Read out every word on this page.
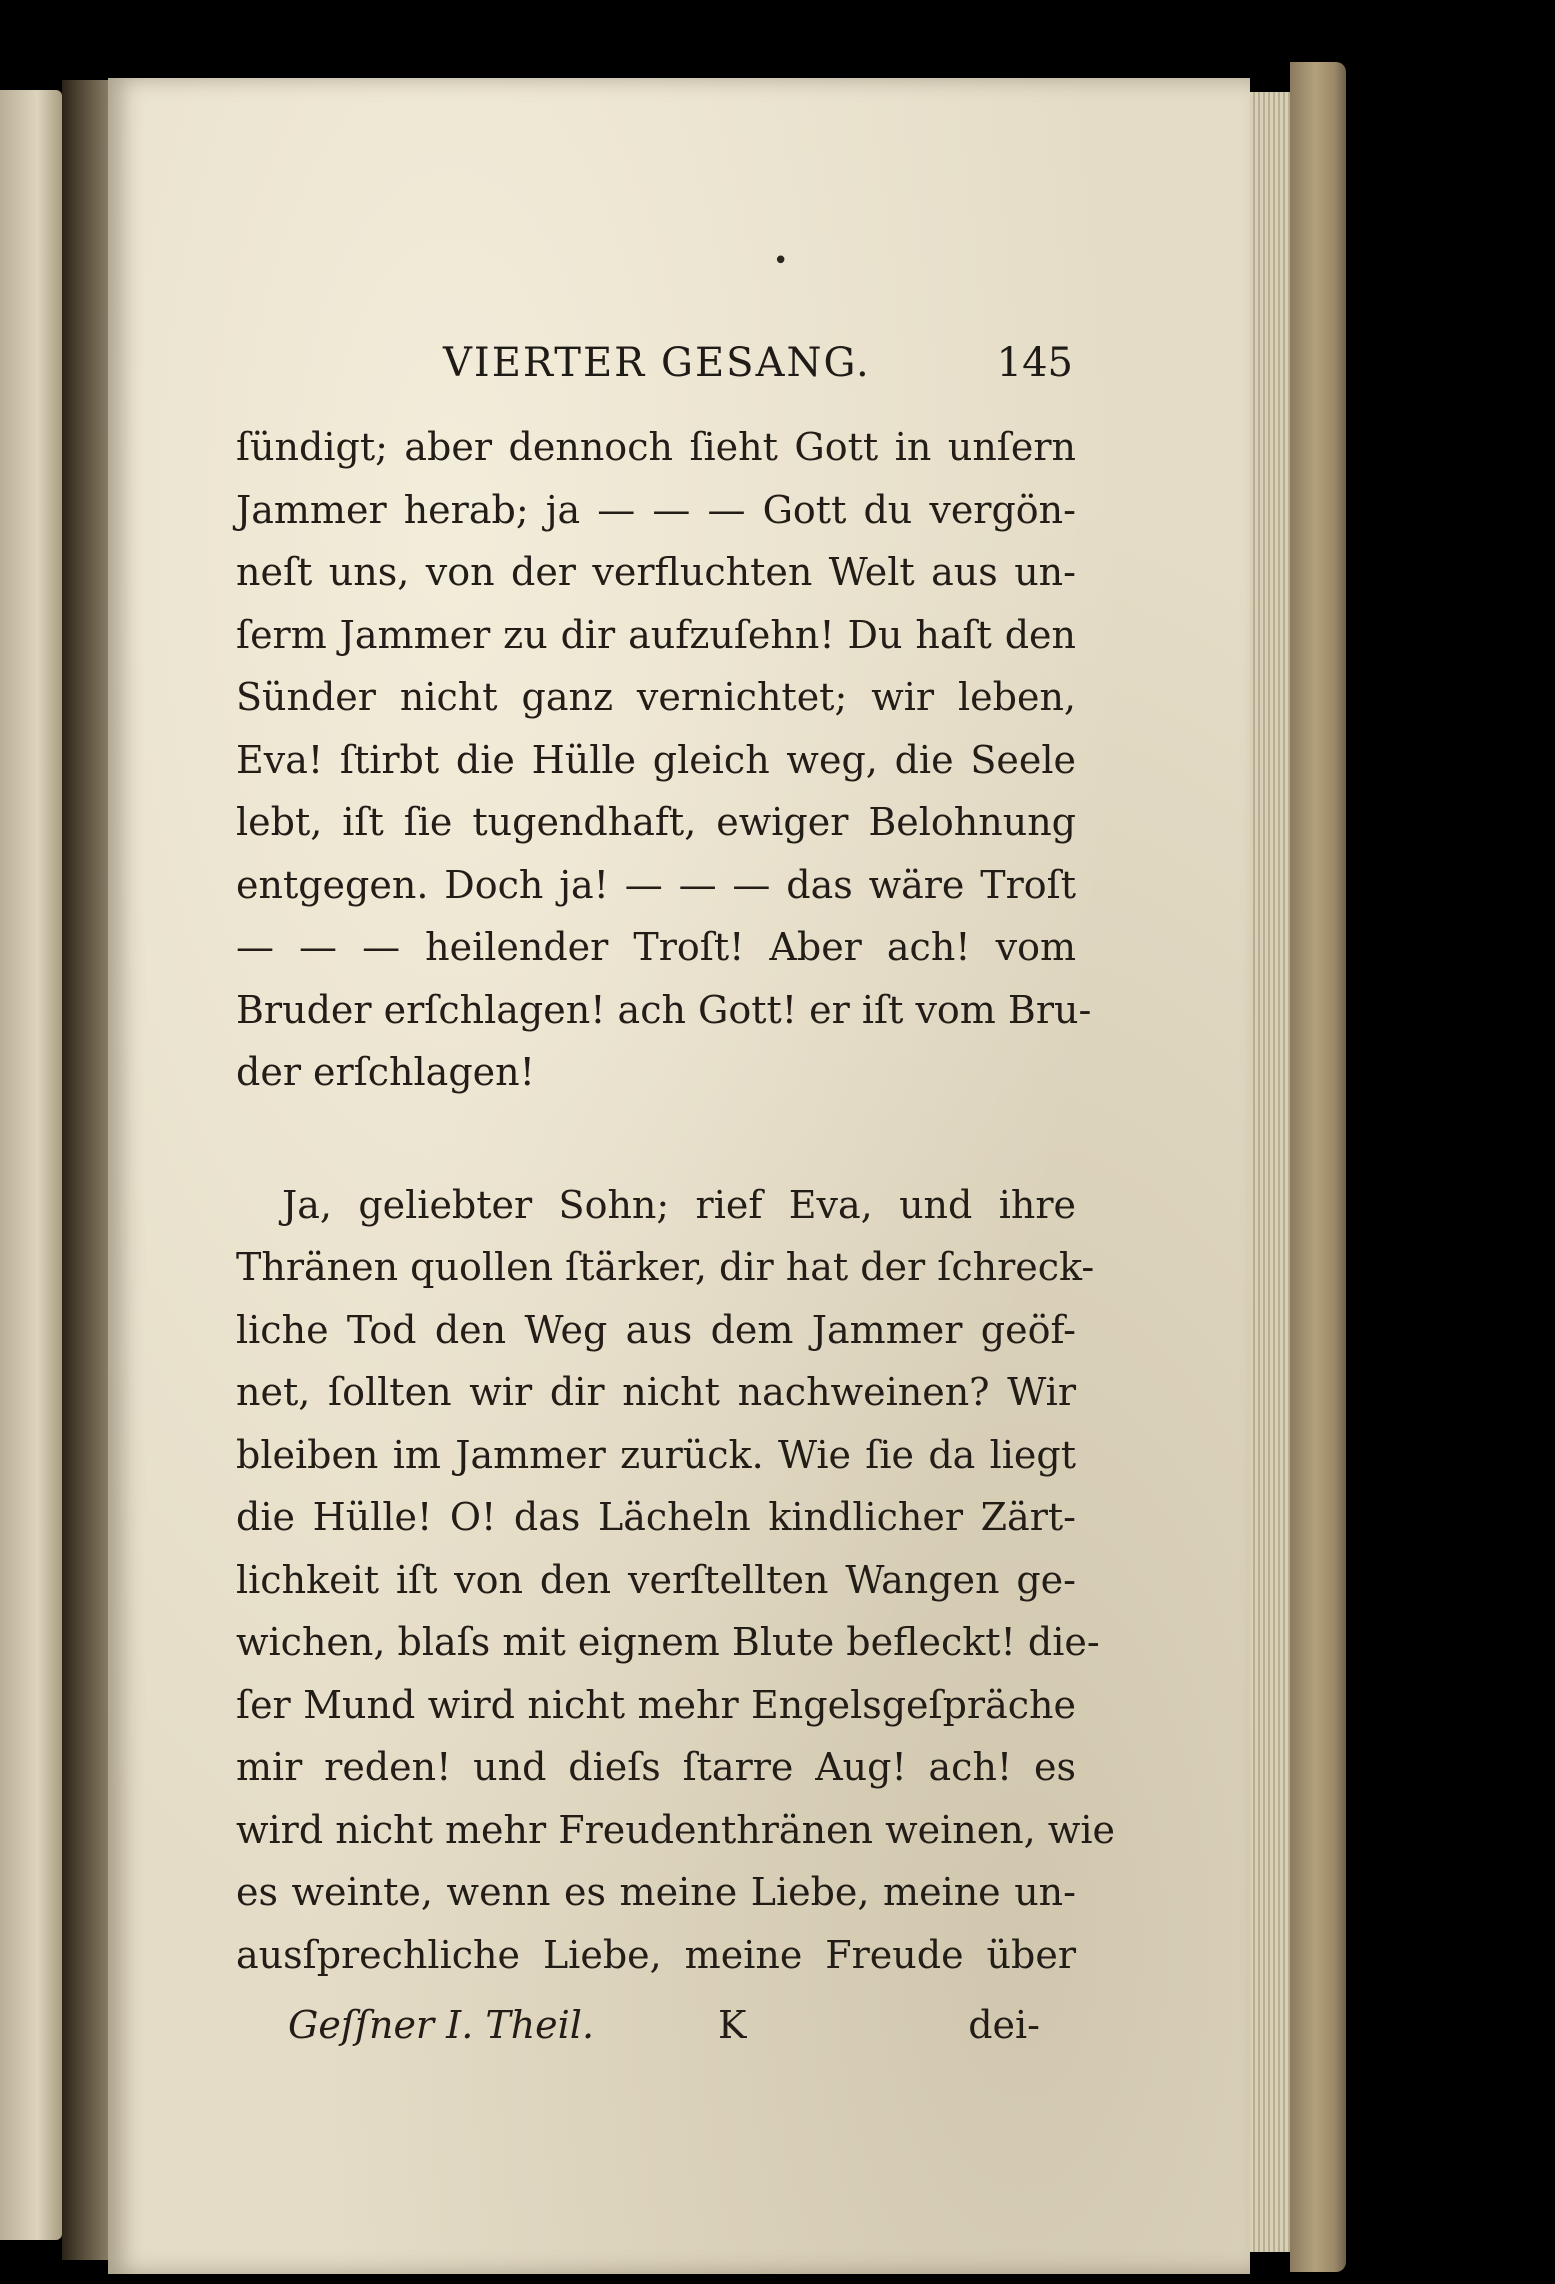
•
VIERTER GESANG.	145
ſündigt; aber dennoch ſieht Gott in unſern
Jammer herab; ja — — — Gott du vergön-
neſt uns, von der verfluchten Welt aus un-
ſerm Jammer zu dir aufzuſehn! Du haſt den
Sünder nicht ganz vernichtet; wir leben,
Eva! ſtirbt die Hülle gleich weg, die Seele
lebt, iſt ſie tugendhaft, ewiger Belohnung
entgegen. Doch ja! — — — das wäre Troſt
— — — heilender Troſt! Aber ach! vom
Bruder erſchlagen! ach Gott! er iſt vom Bru-
der erſchlagen!
Ja, geliebter Sohn; rief Eva, und ihre
Thränen quollen ſtärker, dir hat der ſchreck-
liche Tod den Weg aus dem Jammer geöf-
net, ſollten wir dir nicht nachweinen? Wir
bleiben im Jammer zurück. Wie ſie da liegt
die Hülle! O! das Lächeln kindlicher Zärt-
lichkeit iſt von den verſtellten Wangen ge-
wichen, blaſs mit eignem Blute befleckt! die-
ſer Mund wird nicht mehr Engelsgeſpräche
mir reden! und dieſs ſtarre Aug! ach! es
wird nicht mehr Freudenthränen weinen, wie
es weinte, wenn es meine Liebe, meine un-
ausſprechliche Liebe, meine Freude über
Geſſner I. Theil.	K	dei-
